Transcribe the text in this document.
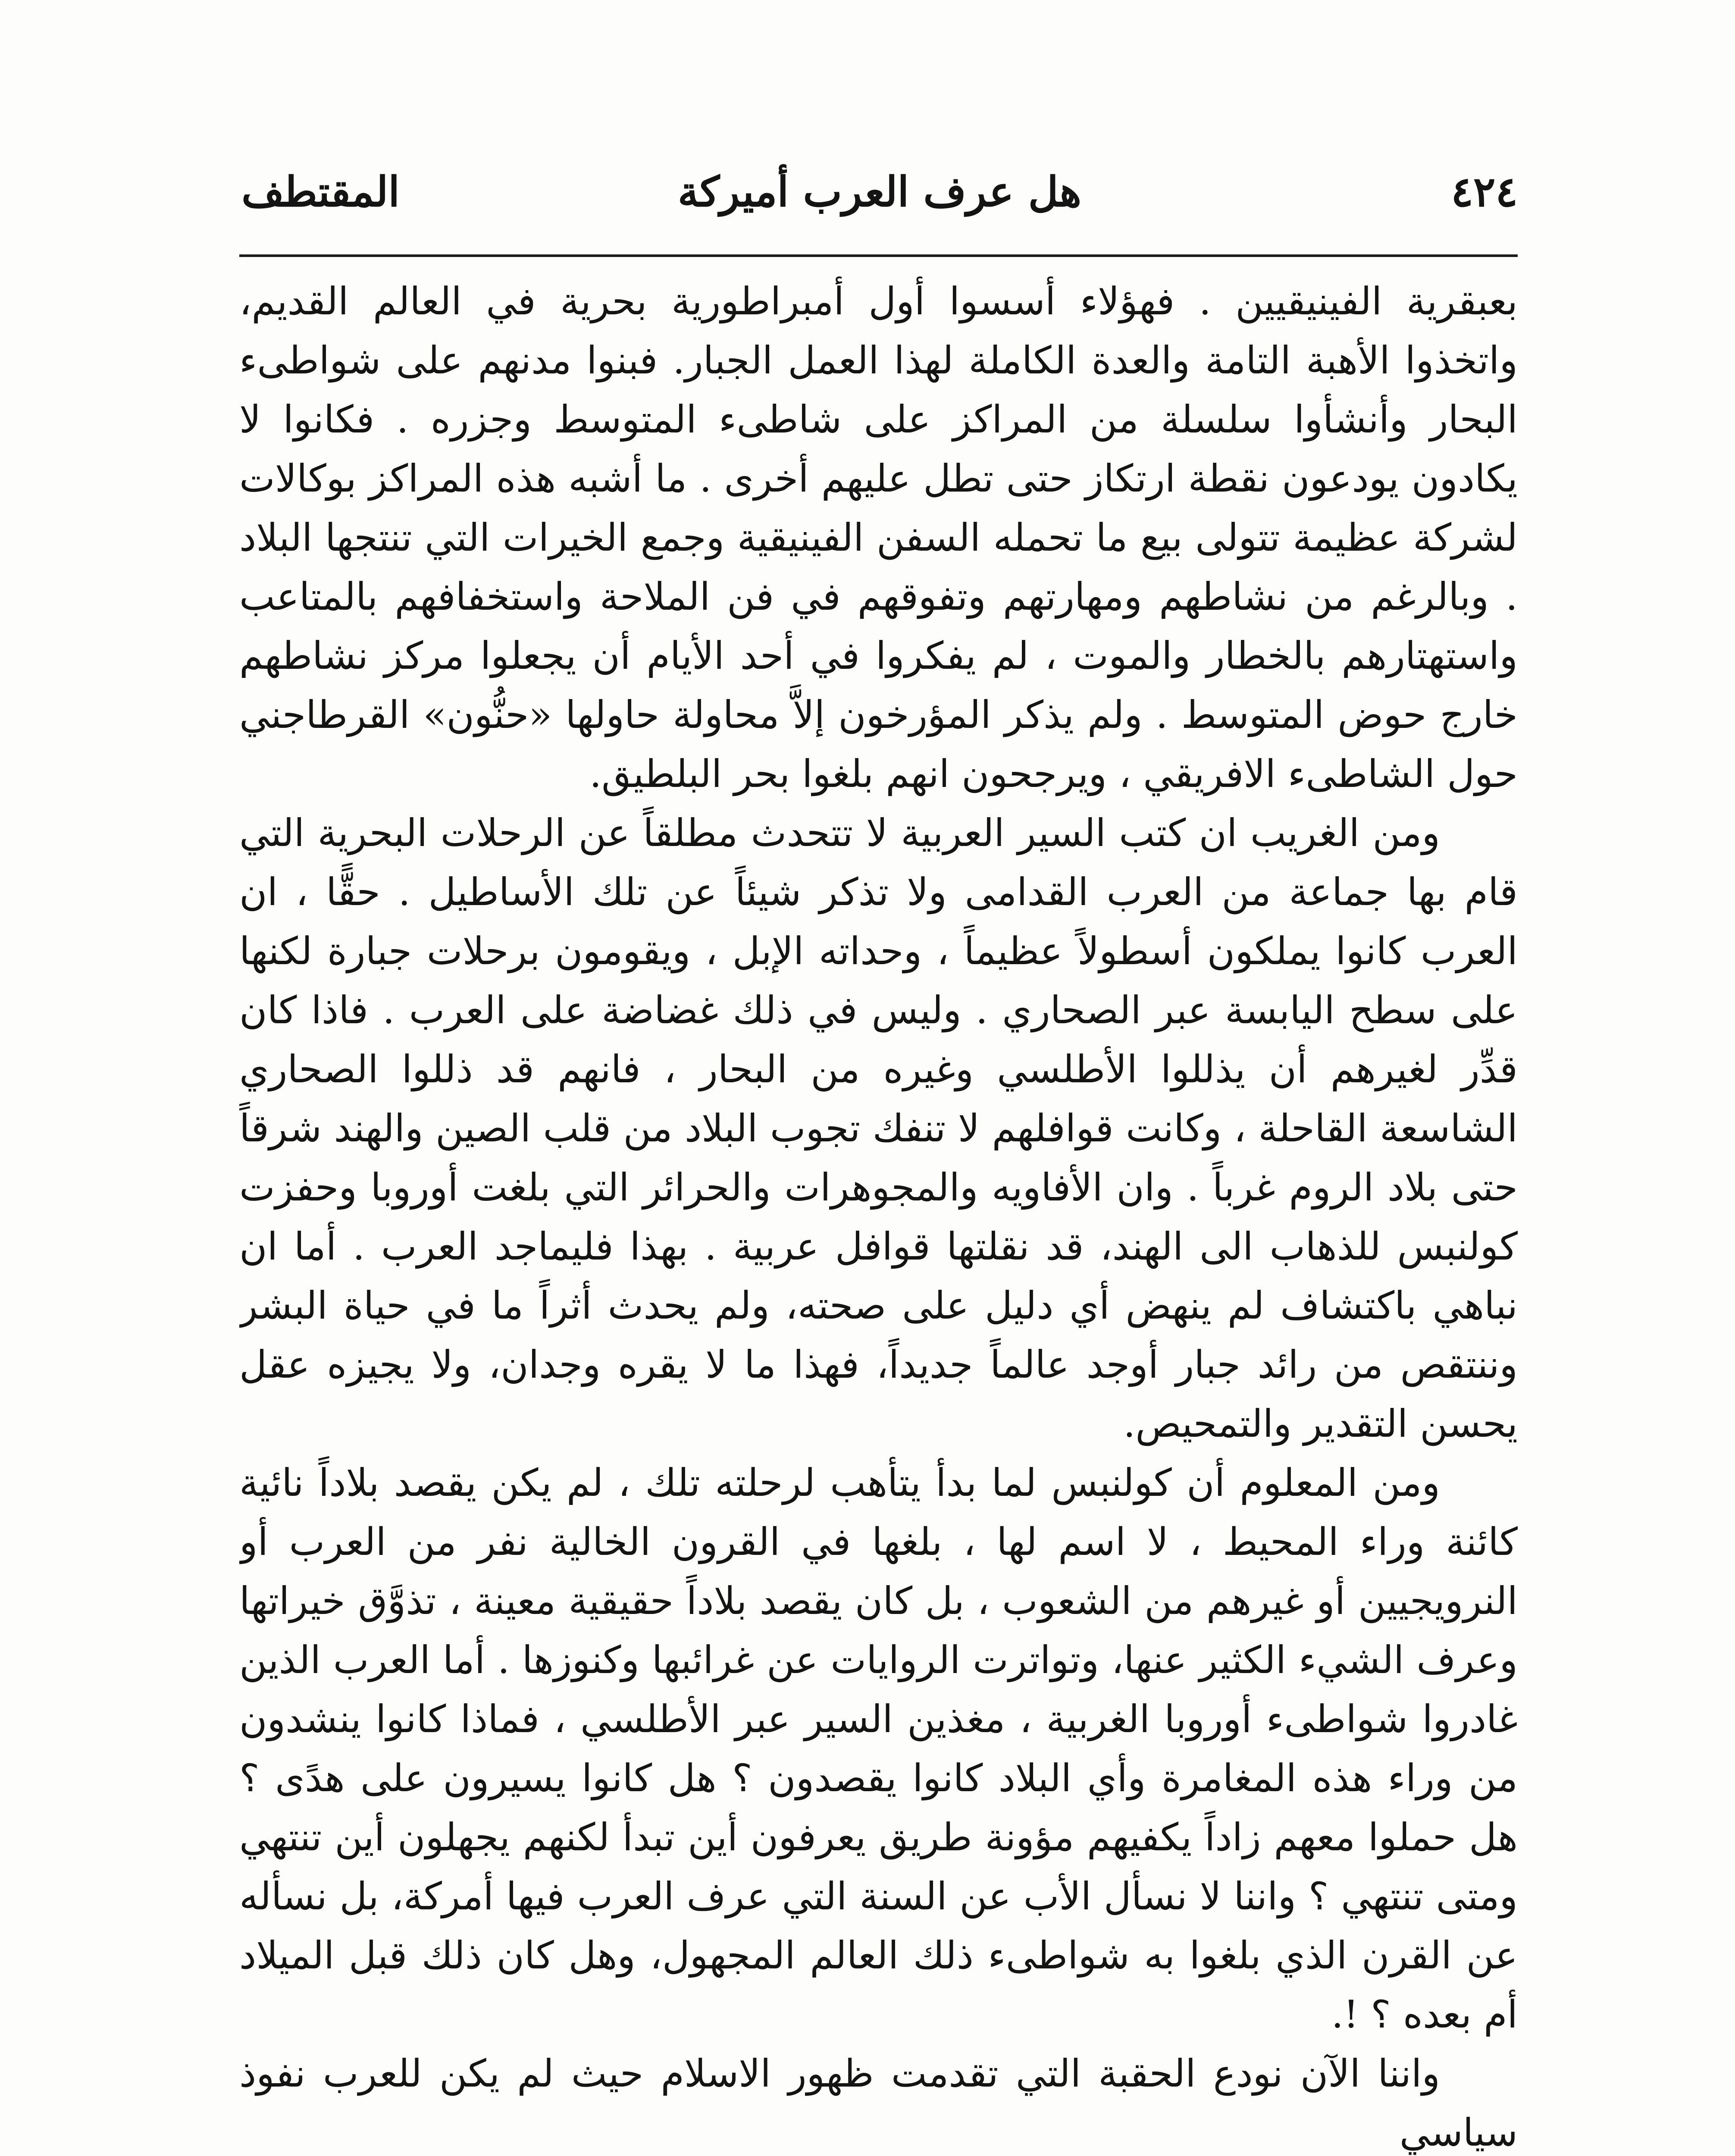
٤٢٤
هل عرف العرب أميركة
المقتطف

بعبقرية الفينيقيين . فهؤلاء أسسوا أول أمبراطورية بحرية في العالم القديم، واتخذوا الأهبة التامة والعدة الكاملة لهذا العمل الجبار. فبنوا مدنهم على شواطىء البحار وأنشأوا سلسلة من المراكز على شاطىء المتوسط وجزره . فكانوا لا يكادون يودعون نقطة ارتكاز حتى تطل عليهم أخرى . ما أشبه هذه المراكز بوكالات لشركة عظيمة تتولى بيع ما تحمله السفن الفينيقية وجمع الخيرات التي تنتجها البلاد . وبالرغم من نشاطهم ومهارتهم وتفوقهم في فن الملاحة واستخفافهم بالمتاعب واستهتارهم بالخطار والموت ، لم يفكروا في أحد الأيام أن يجعلوا مركز نشاطهم خارج حوض المتوسط . ولم يذكر المؤرخون إلاَّ محاولة حاولها «حنُّون» القرطاجني حول الشاطىء الافريقي ، ويرجحون انهم بلغوا بحر البلطيق.

ومن الغريب ان كتب السير العربية لا تتحدث مطلقاً عن الرحلات البحرية التي قام بها جماعة من العرب القدامى ولا تذكر شيئاً عن تلك الأساطيل . حقًّا ، ان العرب كانوا يملكون أسطولاً عظيماً ، وحداته الإبل ، ويقومون برحلات جبارة لكنها على سطح اليابسة عبر الصحاري . وليس في ذلك غضاضة على العرب . فاذا كان قدِّر لغيرهم أن يذللوا الأطلسي وغيره من البحار ، فانهم قد ذللوا الصحاري الشاسعة القاحلة ، وكانت قوافلهم لا تنفك تجوب البلاد من قلب الصين والهند شرقاً حتى بلاد الروم غرباً . وان الأفاويه والمجوهرات والحرائر التي بلغت أوروبا وحفزت كولنبس للذهاب الى الهند، قد نقلتها قوافل عربية . بهذا فليماجد العرب . أما ان نباهي باكتشاف لم ينهض أي دليل على صحته، ولم يحدث أثراً ما في حياة البشر وننتقص من رائد جبار أوجد عالماً جديداً، فهذا ما لا يقره وجدان، ولا يجيزه عقل يحسن التقدير والتمحيص.

ومن المعلوم أن كولنبس لما بدأ يتأهب لرحلته تلك ، لم يكن يقصد بلاداً نائية كائنة وراء المحيط ، لا اسم لها ، بلغها في القرون الخالية نفر من العرب أو النرويجيين أو غيرهم من الشعوب ، بل كان يقصد بلاداً حقيقية معينة ، تذوَّق خيراتها وعرف الشيء الكثير عنها، وتواترت الروايات عن غرائبها وكنوزها . أما العرب الذين غادروا شواطىء أوروبا الغربية ، مغذين السير عبر الأطلسي ، فماذا كانوا ينشدون من وراء هذه المغامرة وأي البلاد كانوا يقصدون ؟ هل كانوا يسيرون على هدًى ؟ هل حملوا معهم زاداً يكفيهم مؤونة طريق يعرفون أين تبدأ لكنهم يجهلون أين تنتهي ومتى تنتهي ؟ واننا لا نسأل الأب عن السنة التي عرف العرب فيها أمركة، بل نسأله عن القرن الذي بلغوا به شواطىء ذلك العالم المجهول، وهل كان ذلك قبل الميلاد أم بعده ؟ !.

واننا الآن نودع الحقبة التي تقدمت ظهور الاسلام حيث لم يكن للعرب نفوذ سياسي
